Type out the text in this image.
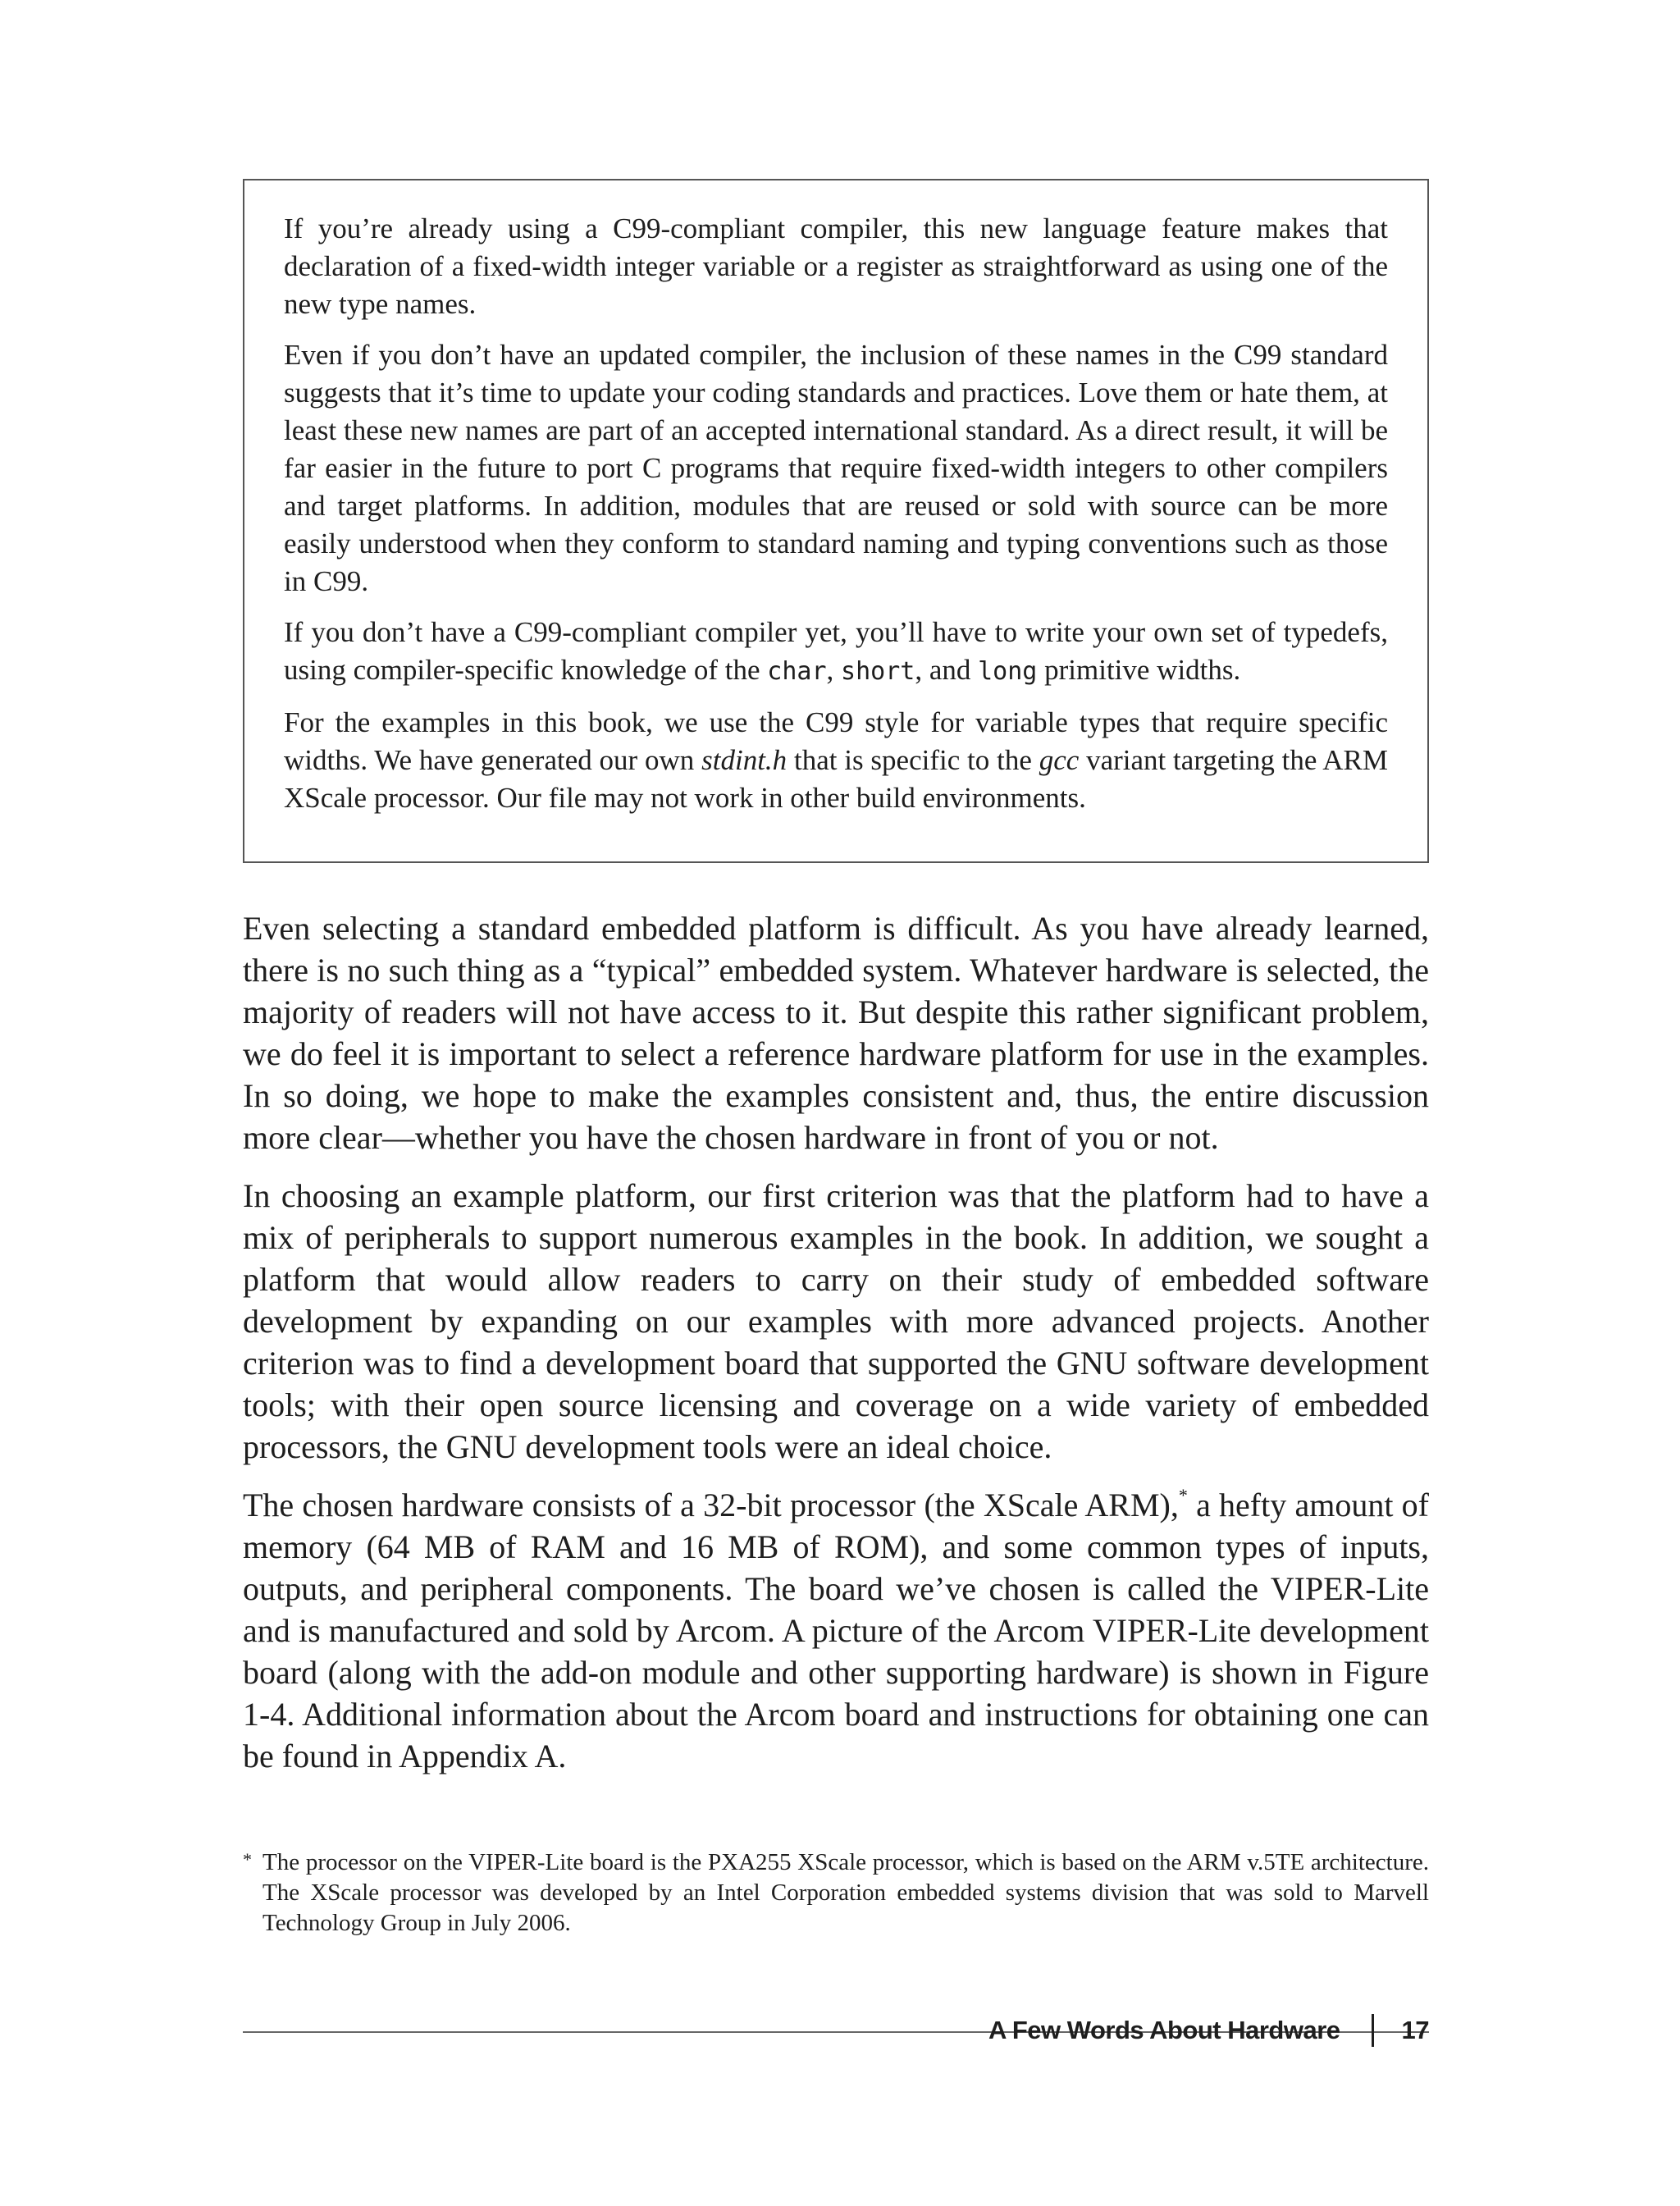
If you’re already using a C99-compliant compiler, this new language feature makes that declaration of a fixed-width integer variable or a register as straightforward as using one of the new type names.

Even if you don’t have an updated compiler, the inclusion of these names in the C99 standard suggests that it’s time to update your coding standards and practices. Love them or hate them, at least these new names are part of an accepted international standard. As a direct result, it will be far easier in the future to port C programs that require fixed-width integers to other compilers and target platforms. In addition, modules that are reused or sold with source can be more easily understood when they conform to standard naming and typing conventions such as those in C99.

If you don’t have a C99-compliant compiler yet, you’ll have to write your own set of typedefs, using compiler-specific knowledge of the char, short, and long primitive widths.

For the examples in this book, we use the C99 style for variable types that require specific widths. We have generated our own stdint.h that is specific to the gcc variant targeting the ARM XScale processor. Our file may not work in other build environments.

Even selecting a standard embedded platform is difficult. As you have already learned, there is no such thing as a “typical” embedded system. Whatever hardware is selected, the majority of readers will not have access to it. But despite this rather significant problem, we do feel it is important to select a reference hardware platform for use in the examples. In so doing, we hope to make the examples consistent and, thus, the entire discussion more clear—whether you have the chosen hardware in front of you or not.

In choosing an example platform, our first criterion was that the platform had to have a mix of peripherals to support numerous examples in the book. In addition, we sought a platform that would allow readers to carry on their study of embedded software development by expanding on our examples with more advanced projects. Another criterion was to find a development board that supported the GNU software development tools; with their open source licensing and coverage on a wide variety of embedded processors, the GNU development tools were an ideal choice.

The chosen hardware consists of a 32-bit processor (the XScale ARM),* a hefty amount of memory (64 MB of RAM and 16 MB of ROM), and some common types of inputs, outputs, and peripheral components. The board we’ve chosen is called the VIPER-Lite and is manufactured and sold by Arcom. A picture of the Arcom VIPER-Lite development board (along with the add-on module and other supporting hardware) is shown in Figure 1-4. Additional information about the Arcom board and instructions for obtaining one can be found in Appendix A.

* The processor on the VIPER-Lite board is the PXA255 XScale processor, which is based on the ARM v.5TE architecture. The XScale processor was developed by an Intel Corporation embedded systems division that was sold to Marvell Technology Group in July 2006.
A Few Words About Hardware 17
